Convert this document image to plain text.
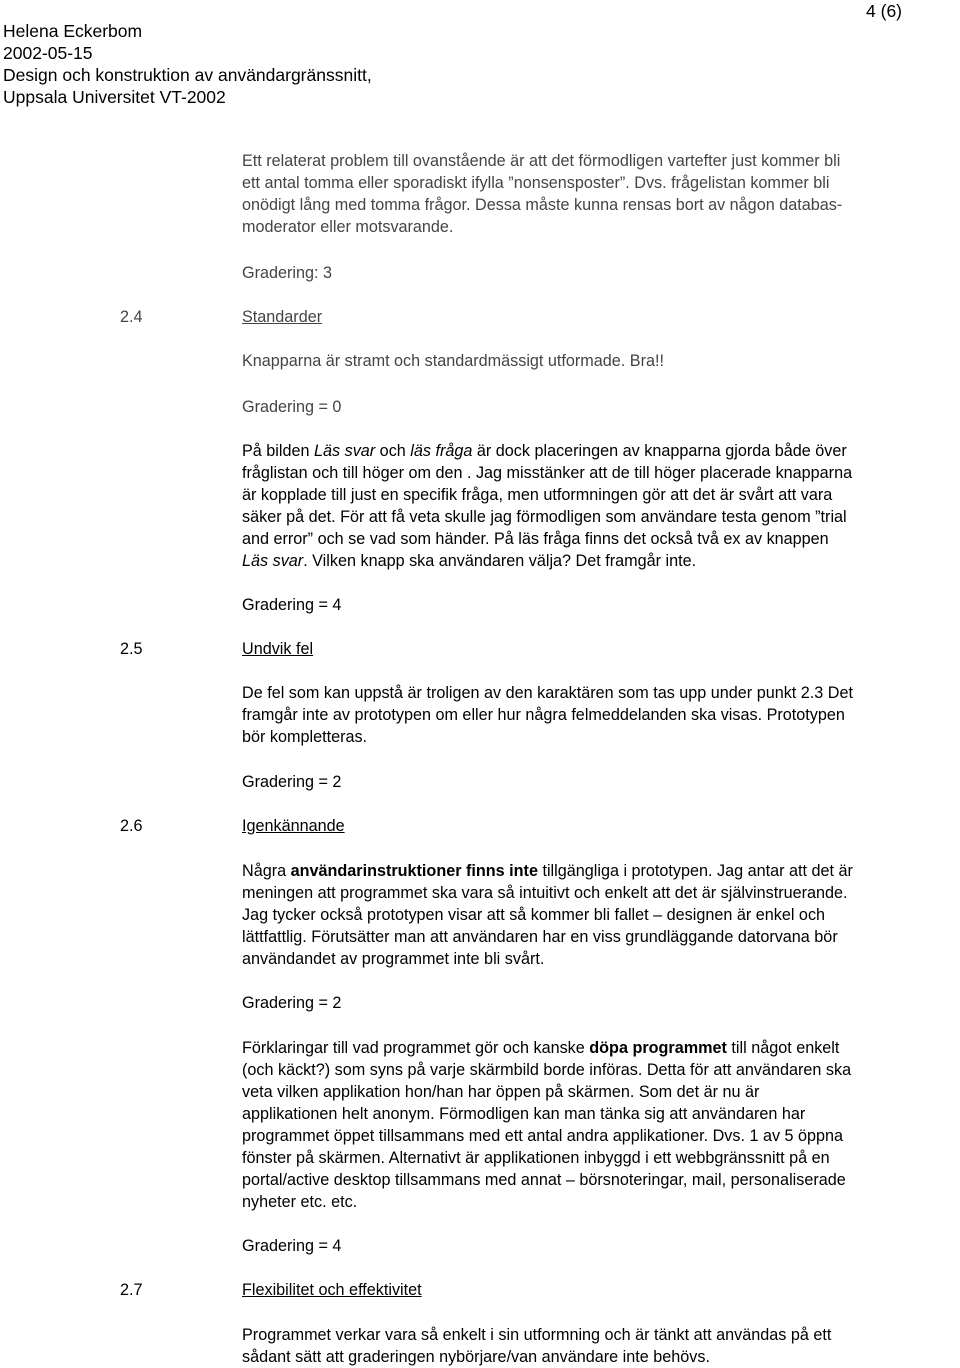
Helena Eckerbom
2002-05-15
Design och konstruktion av användargränssnitt,
Uppsala Universitet VT-2002
4 (6)
Ett relaterat problem till ovanstående är att det förmodligen vartefter just kommer bli
ett antal tomma eller sporadiskt ifylla ”nonsensposter”. Dvs. frågelistan kommer bli
onödigt lång med tomma frågor. Dessa måste kunna rensas bort av någon databas-
moderator eller motsvarande.
Gradering: 3
2.4	Standarder
Knapparna är stramt och standardmässigt utformade. Bra!!
Gradering = 0
På bilden Läs svar och läs fråga är dock placeringen av knapparna gjorda både över
fråglistan och till höger om den . Jag misstänker att de till höger placerade knapparna
är kopplade till just en specifik fråga, men utformningen gör att det är svårt att vara
säker på det. För att få veta skulle jag förmodligen som användare testa genom ”trial
and error” och se vad som händer. På läs fråga finns det också två ex av knappen
Läs svar. Vilken knapp ska användaren välja? Det framgår inte.
Gradering = 4
2.5	Undvik fel
De fel som kan uppstå är troligen av den karaktären som tas upp under punkt 2.3 Det
framgår inte av prototypen om eller hur några felmeddelanden ska visas. Prototypen
bör kompletteras.
Gradering = 2
2.6	Igenkännande
Några användarinstruktioner finns inte tillgängliga i prototypen. Jag antar att det är
meningen att programmet ska vara så intuitivt och enkelt att det är självinstruerande.
Jag tycker också prototypen visar att så kommer bli fallet – designen är enkel och
lättfattlig. Förutsätter man att användaren har en viss grundläggande datorvana bör
användandet av programmet inte bli svårt.
Gradering = 2
Förklaringar till vad programmet gör och kanske döpa programmet till något enkelt
(och käckt?) som syns på varje skärmbild borde införas. Detta för att användaren ska
veta vilken applikation hon/han har öppen på skärmen. Som det är nu är
applikationen helt anonym. Förmodligen kan man tänka sig att användaren har
programmet öppet tillsammans med ett antal andra applikationer. Dvs. 1 av 5 öppna
fönster på skärmen. Alternativt är applikationen inbyggd i ett webbgränssnitt på en
portal/active desktop tillsammans med annat – börsnoteringar, mail, personaliserade
nyheter etc. etc.
Gradering = 4
2.7	Flexibilitet och effektivitet
Programmet verkar vara så enkelt i sin utformning och är tänkt att användas på ett
sådant sätt att graderingen nybörjare/van användare inte behövs.
